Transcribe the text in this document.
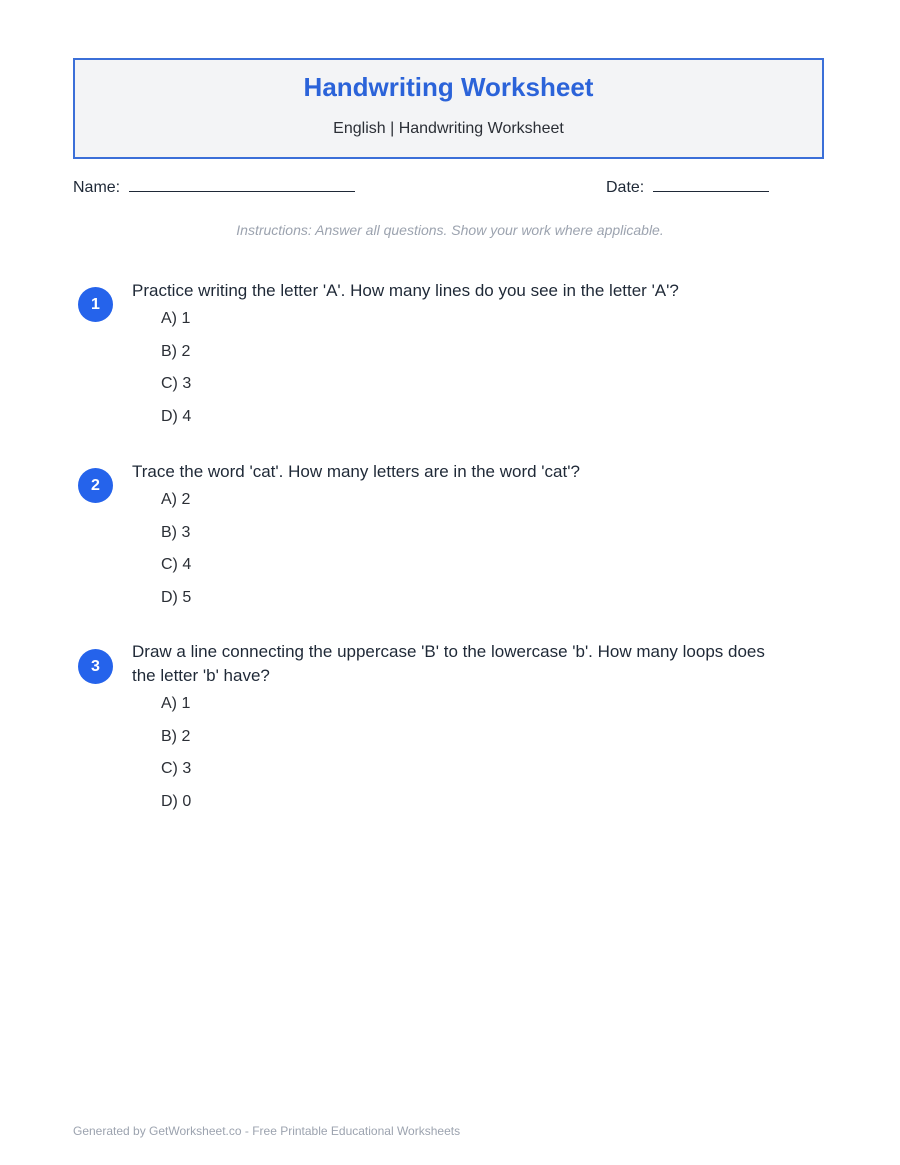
Handwriting Worksheet
English | Handwriting Worksheet
Name:	Date:
Instructions: Answer all questions. Show your work where applicable.
1
Practice writing the letter 'A'. How many lines do you see in the letter 'A'?
A) 1
B) 2
C) 3
D) 4
2
Trace the word 'cat'. How many letters are in the word 'cat'?
A) 2
B) 3
C) 4
D) 5
3
Draw a line connecting the uppercase 'B' to the lowercase 'b'. How many loops does the letter 'b' have?
A) 1
B) 2
C) 3
D) 0
Generated by GetWorksheet.co - Free Printable Educational Worksheets
